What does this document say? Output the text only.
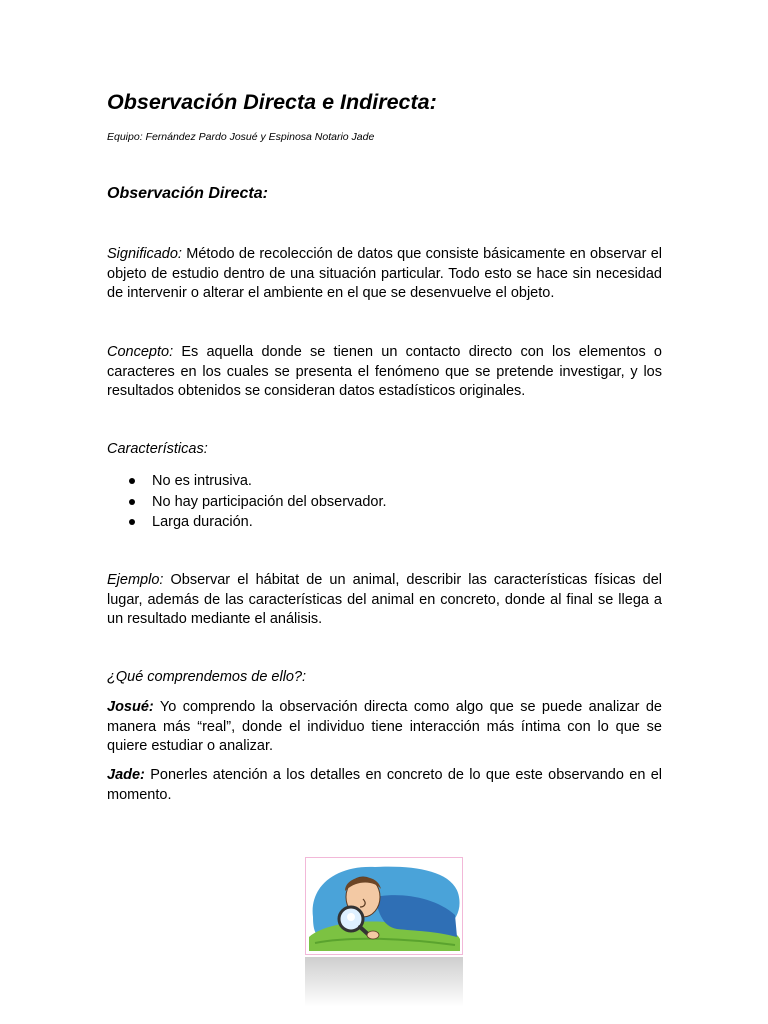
Observación Directa e Indirecta:
Equipo: Fernández Pardo Josué y Espinosa Notario Jade
Observación Directa:

Significado: Método de recolección de datos que consiste básicamente en observar el objeto de estudio dentro de una situación particular. Todo esto se hace sin necesidad de intervenir o alterar el ambiente en el que se desenvuelve el objeto.

Concepto: Es aquella donde se tienen un contacto directo con los elementos o caracteres en los cuales se presenta el fenómeno que se pretende investigar, y los resultados obtenidos se consideran datos estadísticos originales.

Características:
No es intrusiva.
No hay participación del observador.
Larga duración.

Ejemplo: Observar el hábitat de un animal, describir las características físicas del lugar, además de las características del animal en concreto, donde al final se llega a un resultado mediante el análisis.

¿Qué comprendemos de ello?:

Josué: Yo comprendo la observación directa como algo que se puede analizar de manera más “real”, donde el individuo tiene interacción más íntima con lo que se quiere estudiar o analizar.

Jade: Ponerles atención a los detalles en concreto de lo que este observando en el momento.
